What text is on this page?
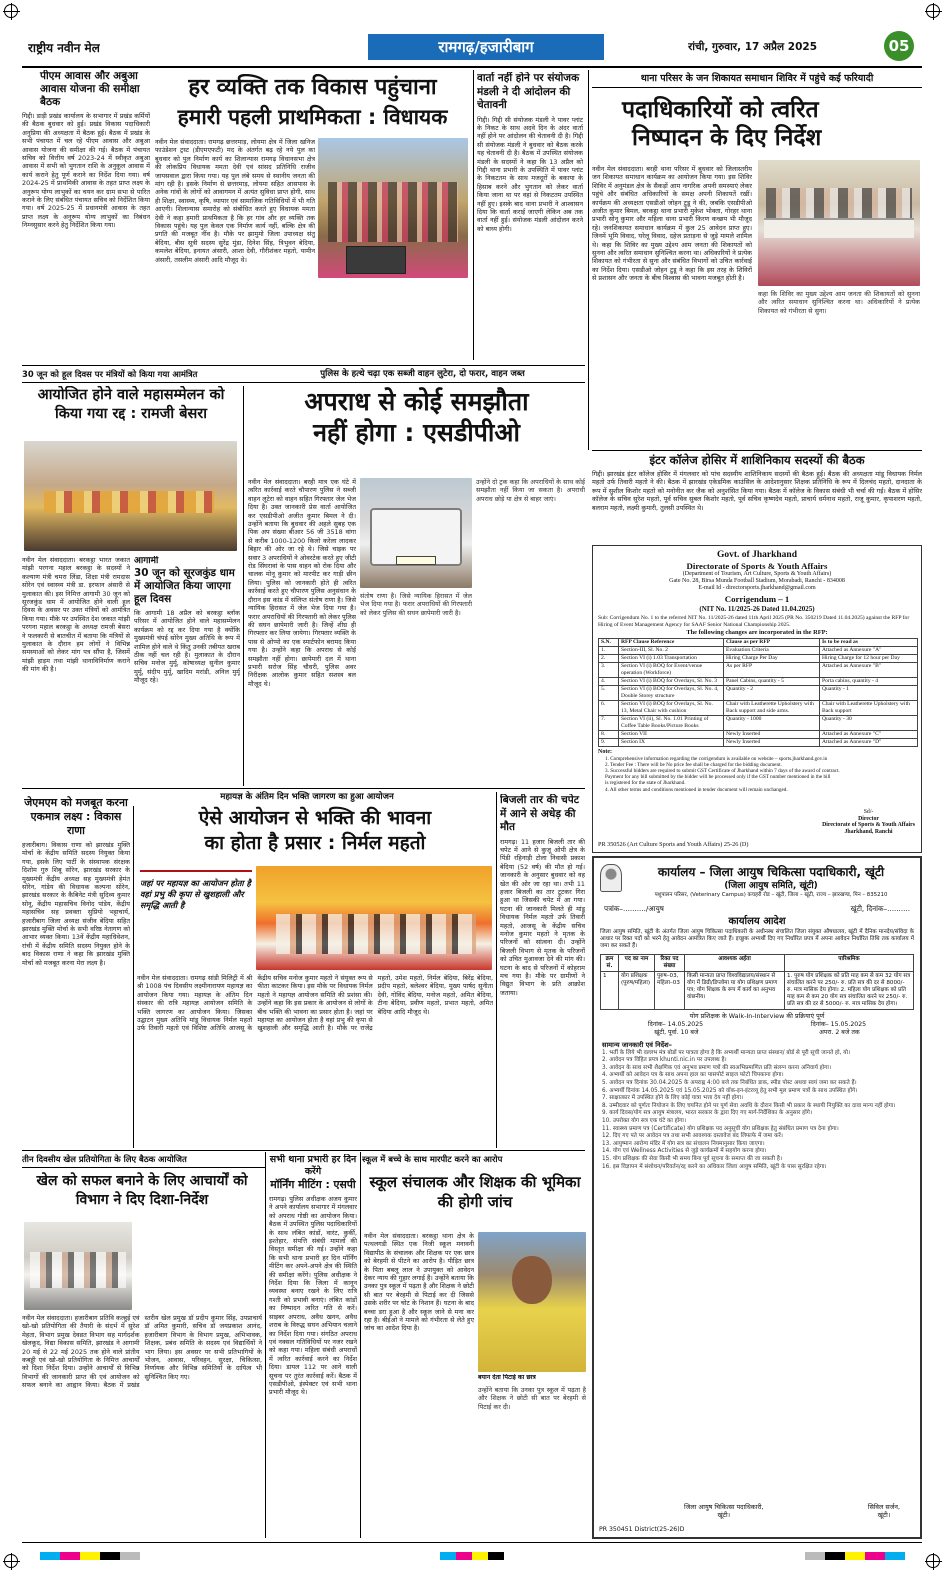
राष्ट्रीय नवीन मेल	रामगढ़/हजारीबाग	रांची, गुरुवार, 17 अप्रैल 2025	05
पीएम आवास और अबुआ आवास योजना की समीक्षा बैठक
गिद्दी। डाड़ी प्रखंड कार्यालय के सभागार में प्रखंड कर्मियों की बैठक बुधवार को हुई। प्रखंड विकास पदाधिकारी अनुप्रिया की अध्यक्षता में बैठक हुई। बैठक में प्रखंड के सभी पंचायत में चल रहे पीएम आवास और अबुआ आवास योजना की समीक्षा की गई। बैठक में पंचायत सचिव को वित्तीय वर्ष 2023-24 में स्वीकृत अबुआ आवास में सभी को भुगतान राशि के अनुकूल आवास में कार्य कराने हेतु पूर्ण कराने का निर्देश दिया गया। वर्ष 2024-25 में प्राथमिकी आवास के तहत प्राप्त लक्ष्य के अनुरूप योग्य लाभुकों का चयन कर ग्राम सभा से पारित कराने के लिए संबंधित पंचायत सचिव को निर्देशित किया गया। वर्ष 2025-25 में प्रधानमंत्री आवास के तहत प्राप्त लक्ष्य के अनुरूप योग्य लाभुकों का निबंधन निम्नसुसार करने हेतु निर्देशित किया गया।
हर व्यक्ति तक विकास पहुंचाना
हमारी पहली प्राथमिकता : विधायक
नवीन मेल संवाददाता। रामगढ़ छत्तरमाड़, लोयमा क्षेत्र में जिला खनिज फाउंडेशन ट्रस्ट (डीएमएफटी) मद के अंतर्गत बढ़ रहे नये पुल का बुधवार को पुल निर्माण कार्य का शिलान्यास रामगढ़ विधानसभा क्षेत्र की लोकप्रिय विधायक ममता देवी एवं सांसद प्रतिनिधि राजीव जायसवाल द्वारा किया गया। यह पुल लंबे समय से स्थानीय जनता की मांग रही है। इसके निर्माण से छत्तरमाड़, लोयमा सहित आसपास के अनेक गांवों के लोगों को आवागमन में अत्यंत सुविधा प्राप्त होगी, साथ ही शिक्षा, स्वास्थ्य, कृषि, व्यापार एवं सामाजिक गतिविधियों में भी गति आएगी। शिलान्यास समारोह को संबोधित करते हुए विधायक ममता देवी ने कहा हमारी प्राथमिकता है कि हर गांव और हर व्यक्ति तक विकास पहुंचे। यह पुल केवल एक निर्माण कार्य नहीं, बल्कि क्षेत्र की प्रगति की मजबूत नींव है। मौके पर झामुमो जिला उपाध्यक्ष संतु बेदिया, बीस सूत्री सदस्य सुरेंद्र मुंडा, दिनेश सिंह, त्रिभुवन बेदिया, कमलेश बेदिया, इनायत अंसारी, आशा देवी, गौरीशंकर महतो, यामीन अंसारी, तसलीम अंसारी आदि मौजूद थे।
वार्ता नहीं होने पर संयोजक मंडली ने दी आंदोलन की चेतावनी
गिद्दी। गिद्दी सी संयोजक मंडली ने पावर प्लांट के निकट के साथ अदवे दिन के अंदर वार्ता नहीं होने पर आंदोलन की चेतावनी दी है। गिद्दी सी संयोजक मंडली ने बुधवार को बैठक करके यह चेतावनी दी है। बैठक में उपस्थित संयोजक मंडली के सदस्यों ने कहा कि 13 अप्रैल को गिद्दी थाना प्रभारी के उपस्थिति में पावर प्लांट के निकटतम के साथ मजदूरों के बकाया के हिसाब करने और भुगतान को लेकर वार्ता किया जाना था पर वहां से निकटतम उपस्थित नहीं हुए। इसके बाद थाना प्रभारी ने आश्वासन दिया कि वार्ता कराई जाएगी लेकिन अब तक वार्ता नहीं हुई। संयोजक मंडली आंदोलन करने को बाध्य होगी।
थाना परिसर के जन शिकायत समाधान शिविर में पहुंचे कई फरियादी
पदाधिकारियों को त्वरित
निष्पादन के दिए निर्देश
नवीन मेल संवाददाता। बरही थाना परिसर में बुधवार को जिलास्तरीय जन शिकायत समाधान कार्यक्रम का आयोजन किया गया। इस शिविर शिविर में अनुमंडल क्षेत्र के सैकड़ों आम नागरिक अपनी समस्याएं लेकर पहुंचे और संबंधित अधिकारियों के समक्ष अपनी शिकायतें रखीं। कार्यक्रम की अध्यक्षता एसडीओ जोहन टुडू ने की, जबकि एसडीपीओ अजीत कुमार बिमल, बरकट्ठा थाना प्रभारी मुकेश भोक्ता, गोरहर थाना प्रभारी सोनू कुमार और महिला थाना प्रभारी किरण कच्छप भी मौजूद रहे। जनशिकायत समाधान कार्यक्रम में कुल 25 आवेदन प्राप्त हुए। जिनमें भूमि विवाद, घरेलू विवाद, दहेज प्रताड़ना से जुड़े मामले शामिल थे। कहा कि शिविर का मुख्य उद्देश्य आम जनता की शिकायतों को सुनना और त्वरित समाधान सुनिश्चित करना था। अधिकारियों ने प्रत्येक शिकायत को गंभीरता से सुना और संबंधित विभागों को उचित कार्रवाई का निर्देश दिया। एसडीओ जोहन टुडू ने कहा कि इस तरह के शिविरों से प्रशासन और जनता के बीच विश्वास की भावना मजबूत होती है।
कहा कि शिविर का मुख्य उद्देश्य आम जनता की शिकायतों को सुनना और त्वरित समाधान सुनिश्चित करना था। अधिकारियों ने प्रत्येक शिकायत को गंभीरता से सुना।
30 जून को हूल दिवस पर मंत्रियों को किया गया आमंत्रित	पुलिस के हत्थे चढ़ा एक सब्जी वाहन लुटेरा, दो फरार, वाहन जब्त
आयोजित होने वाले महासम्मेलन को किया गया रद्द : रामजी बेसरा
नवीन मेल संवाददाता। बरकट्ठा भारत जकात मांझी परगना महाल बरकट्ठा के सदस्यों ने कल्याण मंत्री चमरा लिंडा, शिक्षा मंत्री रामदास सोरेन एवं स्वास्थ्य मंत्री डा. इरफान अंसारी से मुलाकात की। इस निमित्त आगामी 30 जून को सूरजकुंड धाम में आयोजित होने वाली हूल दिवस के अवसर पर उक्त मंत्रियों को आमंत्रित किया गया। मौके पर उपस्थित देश जकात मांझी परगना महाल बरकट्ठा के अध्यक्ष रामजी बेसरा ने फलकारी से बातचीत में बताया कि मंत्रियों से मुलाकात के दौरान हम लोगों ने विभिन्न समस्याओं को लेकर मांग पत्र सौंपा है, जिसमें मांझी हाड़म तथा मांझी थानाविनिर्माण कराने की मांग की है।
आगामी
30 जून को सूरजकुंड धाम में आयोजित किया जाएगा हूल दिवस
कि आगामी 18 अप्रैल को बरकट्ठा ब्लॉक परिसर में आयोजित होने वाले महासम्मेलन कार्यक्रम को रद्द कर दिया गया है क्योंकि मुख्यमंत्री चंपई सोरेन मुख्य अतिथि के रूप में शामिल होने वाले थे किंतु उनकी तबीयत खराब ठीक नहीं चल रही है। मुलाकात के दौरान सचिव मनोज मुर्मू, कोषाध्यक्ष सुनील कुमार मुर्मू, संदीप मुर्मू, खादिम मरांडी, अनिल मुर्मू मौजूद रहे।
अपराध से कोई समझौता
नहीं होगा : एसडीपीओ
नवीन मेल संवाददाता। बरही मात्र एक घंटे में त्वरित कार्रवाई करते चौपारण पुलिस ने सब्जी वाहन लूटेरा को वाहन सहित गिरफ्तार जेल भेज दिया है। उक्त जानकारी प्रेस वार्ता आयोजित कर एसडीपीओ अजीत कुमार बिमल ने दी। उन्होंने बताया कि बुधवार की अहले सुबह एक पिक अप संख्या बीआर 56 जी 3518 वांगा से करीब 1000-1200 किलो करेला लादकर बिहार की ओर जा रहे थे। जिसे चाइक पर सवार 3 अपराधियों ने ओवरटेक करते हुए जीटी रोड सिंघरावां के पास वाहन को रोक दिया और चालक मोनू कुमार को मारपीट कर गाड़ी छीन लिया। पुलिस को जानकारी होते ही त्वरित कार्रवाई करते हुए चौपारण पुलिस अनुसंधान के दौरान इस कांड में संलिप्त संतोष राणा है। जिसे न्यायिक हिरासत में जेल भेज दिया गया है। फरार अपराधियों की गिरफ्तारी को लेकर पुलिस की सघन छापेमारी जारी है। जिन्हें शीघ्र ही गिरफ्तार कर लिया जायेगा। गिरफ्तार व्यक्ति के पास से ओप्पो का एक स्मार्टफोन बरामद किया गया है। उन्होंने कहा कि अपराध से कोई समझौता नहीं होगा। छापेमारी दल में थाना प्रभारी सरोज सिंह चौधरी, पुलिस अवर निरीक्षक आलोक कुमार सहित सशस्त्र बल मौजूद थे।
संतोष राणा है। जिसे न्यायिक हिरासत में जेल भेज दिया गया है। फरार अपराधियों की गिरफ्तारी को लेकर पुलिस की सघन छापेमारी जारी है।
उन्होंने दो ट्रक कहा कि अपराधियों के साथ कोई समझौता नहीं किया जा सकता है। अपराधी अपराध छोड़े या क्षेत्र से बाहर जाएं।
इंटर कॉलेज होसिर में शाशिनिकाय सदस्यों की बैठक
गिद्दी। झारखंड इंटर कॉलेज होसिर में मंगलवार को पांच सदस्यीय शाशिनिकाय सदस्यों की बैठक हुई। बैठक की अध्यक्षता मांडू विधायक निर्मल महतो उर्फ तिवारी महतो ने की। बैठक में झारखंड एकेडमिक काउंसिल के आदेशानुसार शिक्षक प्रतिनिधि के रूप में दिलचंद महतो, दानदाता के रूप में सुशील किशोर महतो को मनोनीत कर जैक को अनुशंसित किया गया। बैठक में कॉलेज के विकास संबंधी भी चर्चा की गई। बैठक में होसिर कॉलेज के सचिव सुरेश महतो, पूर्व सचिव सुबल किशोर महतो, पूर्व सचिव कृष्णदेव महतो, प्राचार्य धर्मनाथ महतो, राजू कुमार, कृपाशरण महतो, बलराम महतो, लक्ष्मी कुमारी, तुलसी उपस्थित थे।
Govt. of Jharkhand
Directorate of Sports & Youth Affairs
(Department of Tourism, Art Culture, Sports & Youth Affairs)
Gate No. 28, Birsa Munda Football Stadium, Morabadi, Ranchi - 834008
E-mail Id - directorsports.jharkhand@gmail.com
Corrigendum – 1
(NIT No. 11/2025-26 Dated 11.04.2025)
Sub: Corrigendum No. 1 to the referred NIT No. 11/2025-26 dated 11th April 2025 (PR No. 350219 Dated 11.04.2025) against the RFP for Hiring of Event Management Agency for SAAF Senior National Championship 2025.
The following changes are incorporated in the RFP:
S.N.	RFP Clause Reference	Clause as per RFP	Is to be read as
1.	Section-III, Sl. No. 2	Evaluation Criteria	Attached as Annexure "A"
2.	Section VI (i) 1.03 Transportation	Hiring Charge Per Day	Hiring Charge for 12 hour per Day
3.	Section VI (i) BOQ for Event/venue operation (Workforce)	As per RFP	Attached as Annexure "B"
4.	Section VI (i) BOQ for Overlays, Sl. No. 3	Panel Cabins, quantity - 5	Porta cabins, quantity - 4
5.	Section VI (i) BOQ for Overlays, Sl. No. 4, Double Storey structure	Quantity - 2	Quantity - 1
6.	Section VI (i) BOQ for Overlays, Sl. No. 13, Metal Chair with cushion	Chair with Leatherette Upholstery with Back support and side arms.	Chair with Leatherette Upholstery with Back support
7.	Section VI (ii), Sl. No. 1.01 Printing of Coffee Table Books/Picture Books	Quantity - 1000	Quantity - 30
8.	Section VII	Newly Inserted	Attached as Annexure "C"
9.	Section IX	Newly Inserted	Attached as Annexure "D"
Note:
1. Comprehensive information regarding the corrigendum is available on website – sports.jharkhand.gov.in
2. Tender Fee : There will be No price fee shall be charged for the bidding document.
3. Successful bidders are required to submit GST Certificate of Jharkhand within 7 days of the award of contract.
Payment for any bill submitted by the bidder will be processed only if the GST number mentioned in the bill
is registered for the state of Jharkhand.
4. All other terms and conditions mentioned in tender document will remain unchanged.
Sd/-
Director
Directorate of Sports & Youth Affairs
Jharkhand, Ranchi
PR 350526 (Art Culture Sports and Youth Affairs) 25-26 (D)
महायज्ञ के अंतिम दिन भक्ति जागरण का हुआ आयोजन
जेएमएम को मजबूत करना एकमात्र लक्ष्य : विकास राणा
हजारीबाग। विकास राणा को झारखंड मुक्ति मोर्चा के केंद्रीय समिति सदस्य नियुक्त किया गया, इसके लिए पार्टी के संस्थापक संरक्षक दिशोम गुरु शिबू सोरेन, झारखंड सरकार के मुख्यमंत्री केंद्रीय अध्यक्ष सह मुख्यमंत्री हेमंत सोरेन, गांडेय की विधायक कल्पना सोरेन, झारखंड सरकार के कैबिनेट मंत्री सुदिव्य कुमार सोनू, केंद्रीय महासचिव विनोद पांडेय, केंद्रीय महासचिव सह प्रवक्ता सुप्रियो भट्टाचार्य, हजारीबाग जिला अध्यक्ष संजीव बेदिया सहित झारखंड मुक्ति मोर्चा के सभी वरिष्ठ नेतागण को आभार व्यक्त किया। 13वें केंद्रीय महाधिवेशन, रांची में केंद्रीय समिति सदस्य नियुक्त होने के बाद विकास राणा ने कहा कि झारखंड मुक्ति मोर्चा को मजबूत करना मेरा लक्ष्य है।
ऐसे आयोजन से भक्ति की भावना
का होता है प्रसार : निर्मल महतो
जहां पर महायज्ञ का आयोजन होता है वहां प्रभु की कृपा से खुशहाली और समृद्धि आती है
नवीन मेल संवाददाता। रामगढ़ सांडी मिलिट्री में श्री श्री 1008 पंच दिवसीय लक्ष्मीनारायण महायज्ञ का आयोजन किया गया। महायज्ञ के अंतिम दिन संस्कार की रात्रि महायज्ञ आयोजन समिति के भक्ति जागरण का आयोजन किया। जिसका उद्घाटन मुख्य अतिथि मांडू विधायक निर्मल महतो उर्फ तिवारी महतो एवं विशिष्ट अतिथि आजसू के केंद्रीय सचिव मनोज कुमार महतो ने संयुक्त रूप से फीता काटकर किया। इस मौके पर विधायक निर्मल महतो ने महायज्ञ आयोजन समिति की प्रशंसा की। उन्होंने कहा कि इस प्रकार के आयोजन से लोगों के बीच भक्ति की भावना का प्रसार होता है। जहां पर महायज्ञ का आयोजन होता है वहां प्रभु की कृपा से खुशहाली और समृद्धि आती है। मौके पर राजेंद्र महतो, उमेश महतो, निर्मल बेदिया, बिरेंद्र बेदिया, प्रदीप महतो, बलेश्वर बेदिया, मुख्य पार्षद सुनीता देवी, गोविंद बेदिया, मनोज महतो, अमित बेदिया, टीना बेदिया, प्रवीण महतो, प्रभात महतो, अमित बेदिया आदि मौजूद थे।
बिजली तार की चपेट में आने से अधेड़ की मौत
रामगढ़। 11 हजार बिजली तार की चपेट में आने से कुजू ओपी क्षेत्र के पिंडी रहिनाड़ी टोला निवासी प्रकाश बेदिया (52 वर्ष) की मौत हो गई। जानकारी के अनुसार बुधवार को वह खेत की ओर जा रहा था। तभी 11 हजार बिजली का तार टूटकर गिरा हुआ था जिसकी चपेट में आ गया। घटना की जानकारी मिलते ही मांडू विधायक निर्मल महतो उर्फ तिवारी महतो, आजसू के केंद्रीय सचिव मनोज कुमार महतो ने मृतक के परिजनों को सांत्वना दी। उन्होंने बिजली विभाग से मृतक के परिजनों को उचित मुआवजा देने की मांग की। घटना के बाद से परिजनों में कोहराम मच गया है। मौके पर ग्रामीणों ने विद्युत विभाग के प्रति आक्रोश जताया।
कार्यालय – जिला आयुष चिकित्सा पदाधिकारी, खूंटी
(जिला आयुष समिति, खूंटी)
पशुपालन परिसर, (Veterinary Campus) कचहरी रोड – खूंटी, जिला – खूंटी, राज्य – झारखण्ड, पिन – 835210
पत्रांक–........../आयुष	खूंटी, दिनांक–..........
कार्यालय आदेश
जिला आयुष समिति, खूंटी के अंतर्गत जिला आयुष चिकित्सा पदाधिकारी के अधीनस्थ संचालित जिला संयुक्त औषधालय, खूंटी में दैनिक मानदेय/संविदा के आधार पर रिक्त पदों को भरने हेतु आवेदन आमंत्रित किए जाते हैं। इच्छुक अभ्यर्थी दिए गए निर्धारित प्रपत्र में अपना आवेदन निर्धारित तिथि तक कार्यालय में जमा कर सकते हैं।
क्रम सं.	पद का नाम	रिक्त पद संख्या	आवश्यक अर्हता	पारिश्रमिक
1	योग प्रशिक्षक (पुरुष/महिला)	पुरुष–03, महिला–03	किसी मान्यता प्राप्त विश्वविद्यालय/संस्थान से योग में डिग्री/डिप्लोमा या योग प्रशिक्षण प्रमाण पत्र; योग शिक्षक के रूप में कार्य का अनुभव वांछनीय।	1. पुरुष योग प्रशिक्षक को प्रति माह कम से कम 32 योग सत्र संचालित करने पर 250/- रु. प्रति सत्र की दर से 8000/- रु. मात्र मासिक देय होगा। 2. महिला योग प्रशिक्षक को प्रति माह कम से कम 20 योग सत्र संचालित करने पर 250/- रु. प्रति सत्र की दर से 5000/- रु. मात्र मासिक देय होगा।
योग प्रशिक्षक के Walk-In-Interview की प्रक्रियाएं पूर्ण
दिनांक– 14.05.2025	दिनांक– 15.05.2025
खूंटी, पूर्वा. 10 बजे	अपरा. 2 बजे तक
सामान्य जानकारी एवं निर्देश–
1. भर्ती के लिये भी वल्लभ मंत्र बोडों पर पात्रता होगा है कि अभ्यर्थी मान्यता प्राप्त संस्थान/ बोर्ड से पूरी सूची जानते हो, यो।
2. आवेदन पत्र विहित प्रपत्र khunti.nic.in पर उपलब्ध है।
3. आवेदन के साथ सभी शैक्षणिक एवं अनुभव प्रमाण पत्रों की स्वअभिप्रमाणित प्रति संलग्न करना अनिवार्य होगा।
4. अभ्यर्थी को आवेदन पत्र के साथ अपना हाल का पासपोर्ट साइज फोटो चिपकाना होगा।
5. आवेदन पत्र दिनांक 30.04.2025 के अपराह्न 4:00 बजे तक निबंधित डाक, स्पीड पोस्ट अथवा स्वयं जमा कर सकते हैं।
6. अभ्यर्थी दिनांक 14.05.2025 एवं 15.05.2025 को वॉक-इन-इंटरव्यू हेतु सभी मूल प्रमाण पत्रों के साथ उपस्थित होंगे।
7. साक्षात्कार में उपस्थित होने के लिए कोई यात्रा भत्ता देय नहीं होगा।
8. उम्मीदवार को पूर्णतः नियोजन के लिए चयनित होने पर पूर्ण सेवा अवधि के दौरान किसी भी प्रकार के स्थायी नियुक्ति का दावा मान्य नहीं होगा।
9. कार्य दिवस/योग सत्र आयुष मंत्रालय, भारत सरकार के द्वारा दिए गए मार्ग-निर्देशिका के अनुसार होंगे।
10. उपरोक्त योग सत्र एक घंटे का होगा।
11. स्वास्थ्य प्रमाण पत्र (Certificate) योग प्रशिक्षक पद अनुसूची योग प्रशिक्षक हेतु संबंधित प्रमाण पत्र देना होगा।
12. दिए गए पते पर आवेदन पत्र तथा सभी आवश्यक दस्तावेज बंद लिफाफे में जमा करें।
13. आयुष्मान आरोग्य मंदिर में योग सत्र का संचालन नियमानुसार किया जाएगा।
14. योग एवं Wellness Activities से जुड़े कार्यक्रमों में सहयोग करना होगा।
15. योग प्रशिक्षक की सेवा किसी भी समय बिना पूर्व सूचना के समाप्त की जा सकती है।
16. इस विज्ञापन में संशोधन/परिवर्तन/रद्द करने का अधिकार जिला आयुष समिति, खूंटी के पास सुरक्षित रहेगा।
जिला आयुष चिकित्सा पदाधिकारी,
खूंटी।
सिविल सर्जन,
खूंटी।
PR 350451 District(25-26)D
तीन दिवसीय खेल प्रतियोगिता के लिए बैठक आयोजित	स्कूल में बच्चे के साथ मारपीट करने का आरोप
खेल को सफल बनाने के लिए आचार्यों को विभाग ने दिए दिशा-निर्देश
नवीन मेल संवाददाता। हजारीबाग प्रतिवि कल्हुई एवं खो-खो प्रतियोगिता की तैयारी के संदर्भ में सुरेश मेहता, विभाग प्रमुख देवव्रत विभाग सह मार्गदर्शक खेलकूद, विद्या विकास समिति, झारखंड ने आगामी 20 मई से 22 मई 2025 तक होने वाले प्रांतीय कबड्डी एवं खो-खो प्रतियोगिता के निमित्त आचार्यों को दिशा निर्देश दिया। उन्होंने आचार्यों से विभिन्न विभागों की जानकारी प्राप्त की एवं आयोजन को सफल बनाने का आह्वान किया। बैठक में प्रखंड स्तरीय खेल प्रमुख डॉ प्रदीप कुमार सिंह, उपप्राचार्य डॉ अमित कुमारी, सचिव डॉ जयप्रकाश आनंद, हजारीबाग विभाग के विभाग प्रमुख, अभिभावक, शिक्षक, प्रबंध समिति के सदस्य एवं विद्यार्थियों ने भाग लिया। इस अवसर पर सभी प्रतिभागियों के भोजन, आवास, परिवहन, सुरक्षा, चिकित्सा, निर्णायक और विभिन्न समितियों के दायित्व भी सुनिश्चित किए गए।
सभी थाना प्रभारी हर दिन करेंगे
मॉर्निंग मीटिंग : एसपी
रामगढ़। पुलिस अधीक्षक अजय कुमार ने अपने कार्यालय सभागार में मंगलवार को अपराध गोष्ठी का आयोजन किया। बैठक में उपस्थित पुलिस पदाधिकारियों के साथ लंबित कांडों, वारंट, कुर्की, इश्तेहार, संपत्ति संबंधी मामलों की विस्तृत समीक्षा की गई। उन्होंने कहा कि सभी थाना प्रभारी हर दिन मॉर्निंग मीटिंग कर अपने-अपने क्षेत्र की स्थिति की समीक्षा करेंगे। पुलिस अधीक्षक ने निर्देश दिया कि जिला में कानून व्यवस्था बनाए रखने के लिए रात्रि गश्ती को प्रभावी बनाएं। लंबित कांडों का निष्पादन त्वरित गति से करें। साइबर अपराध, अवैध खनन, अवैध शराब के विरुद्ध सघन अभियान चलाने का निर्देश दिया गया। संगठित अपराध एवं नक्सल गतिविधियों पर नजर रखने को कहा गया। महिला संबंधी अपराधों में त्वरित कार्रवाई करने का निर्देश दिया। डायल 112 पर आने वाली सूचना पर तुरंत कार्रवाई करें। बैठक में एसडीपीओ, इंस्पेक्टर एवं सभी थाना प्रभारी मौजूद थे।
स्कूल संचालक और शिक्षक की भूमिका की होगी जांच
नवीन मेल संवाददाता। बरकट्ठा थाना क्षेत्र के पत्थलगडी स्थित एक निजी स्कूल मनावनी विद्यापीठ के संचालक और शिक्षक पर एक छात्र को बेरहमी से पीटने का आरोप है। पीड़ित छात्र के पिता बबलू लाल ने उपायुक्त को आवेदन देकर न्याय की गुहार लगाई है। उन्होंने बताया कि उनका पुत्र स्कूल में पढ़ता है और शिक्षक ने छोटी सी बात पर बेरहमी से पिटाई कर दी जिससे उसके शरीर पर चोट के निशान हैं। घटना के बाद बच्चा डरा हुआ है और स्कूल जाने से मना कर रहा है। बीईओ ने मामले को गंभीरता से लेते हुए जांच का आदेश दिया है।
बयान देता पिटाई का छात्र
उन्होंने बताया कि उनका पुत्र स्कूल में पढ़ता है और शिक्षक ने छोटी सी बात पर बेरहमी से पिटाई कर दी।
